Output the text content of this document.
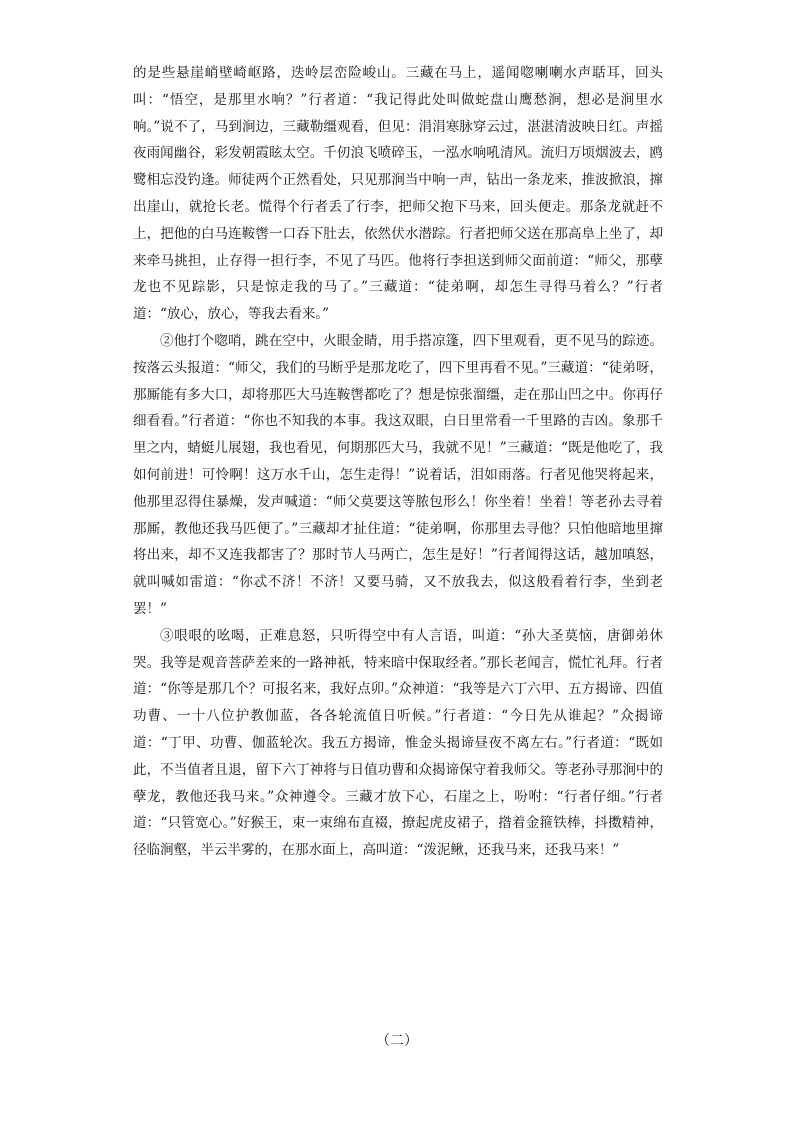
的是些悬崖峭壁崎岖路，迭岭层峦险峻山。三藏在马上，遥闻唿喇喇水声聒耳，回头叫：“悟空，是那里水响？”行者道：“我记得此处叫做蛇盘山鹰愁涧，想必是涧里水响。”说不了，马到涧边，三藏勒缰观看，但见：涓涓寒脉穿云过，湛湛清波映日红。声摇夜雨闻幽谷，彩发朝霞眩太空。千仞浪飞喷碎玉，一泓水响吼清风。流归万顷烟波去，鸥鹭相忘没钓逢。师徒两个正然看处，只见那涧当中响一声，钻出一条龙来，推波掀浪，撺出崖山，就抢长老。慌得个行者丢了行李，把师父抱下马来，回头便走。那条龙就赶不上，把他的白马连鞍辔一口吞下肚去，依然伏水潜踪。行者把师父送在那高阜上坐了，却来牵马挑担，止存得一担行李，不见了马匹。他将行李担送到师父面前道：“师父，那孽龙也不见踪影，只是惊走我的马了。”三藏道：“徒弟啊，却怎生寻得马着么？”行者道：“放心，放心，等我去看来。”

②他打个唿哨，跳在空中，火眼金睛，用手搭凉篷，四下里观看，更不见马的踪迹。按落云头报道：“师父，我们的马断乎是那龙吃了，四下里再看不见。”三藏道：“徒弟呀，那厮能有多大口，却将那匹大马连鞍辔都吃了？想是惊张溜缰，走在那山凹之中。你再仔细看看。”行者道：“你也不知我的本事。我这双眼，白日里常看一千里路的吉凶。象那千里之内，蜻蜓儿展翅，我也看见，何期那匹大马，我就不见！”三藏道：“既是他吃了，我如何前进！可怜啊！这万水千山，怎生走得！”说着话，泪如雨落。行者见他哭将起来，他那里忍得住暴燥，发声喊道：“师父莫要这等脓包形么！你坐着！坐着！等老孙去寻着那厮，教他还我马匹便了。”三藏却才扯住道：“徒弟啊，你那里去寻他？只怕他暗地里撺将出来，却不又连我都害了？那时节人马两亡，怎生是好！”行者闻得这话，越加嗔怒，就叫喊如雷道：“你忒不济！不济！又要马骑，又不放我去，似这般看着行李，坐到老罢！”

③哏哏的吆喝，正难息怒，只听得空中有人言语，叫道：“孙大圣莫恼，唐御弟休哭。我等是观音菩萨差来的一路神祇，特来暗中保取经者。”那长老闻言，慌忙礼拜。行者道：“你等是那几个？可报名来，我好点卯。”众神道：“我等是六丁六甲、五方揭谛、四值功曹、一十八位护教伽蓝，各各轮流值日听候。”行者道：“今日先从谁起？”众揭谛道：“丁甲、功曹、伽蓝轮次。我五方揭谛，惟金头揭谛昼夜不离左右。”行者道：“既如此，不当值者且退，留下六丁神将与日值功曹和众揭谛保守着我师父。等老孙寻那涧中的孽龙，教他还我马来。”众神遵令。三藏才放下心，石崖之上，吩咐：“行者仔细。”行者道：“只管宽心。”好猴王，束一束绵布直裰，撩起虎皮裙子，揝着金箍铁棒，抖擞精神，径临涧壑，半云半雾的，在那水面上，高叫道：“泼泥鳅，还我马来，还我马来！”

（二）
